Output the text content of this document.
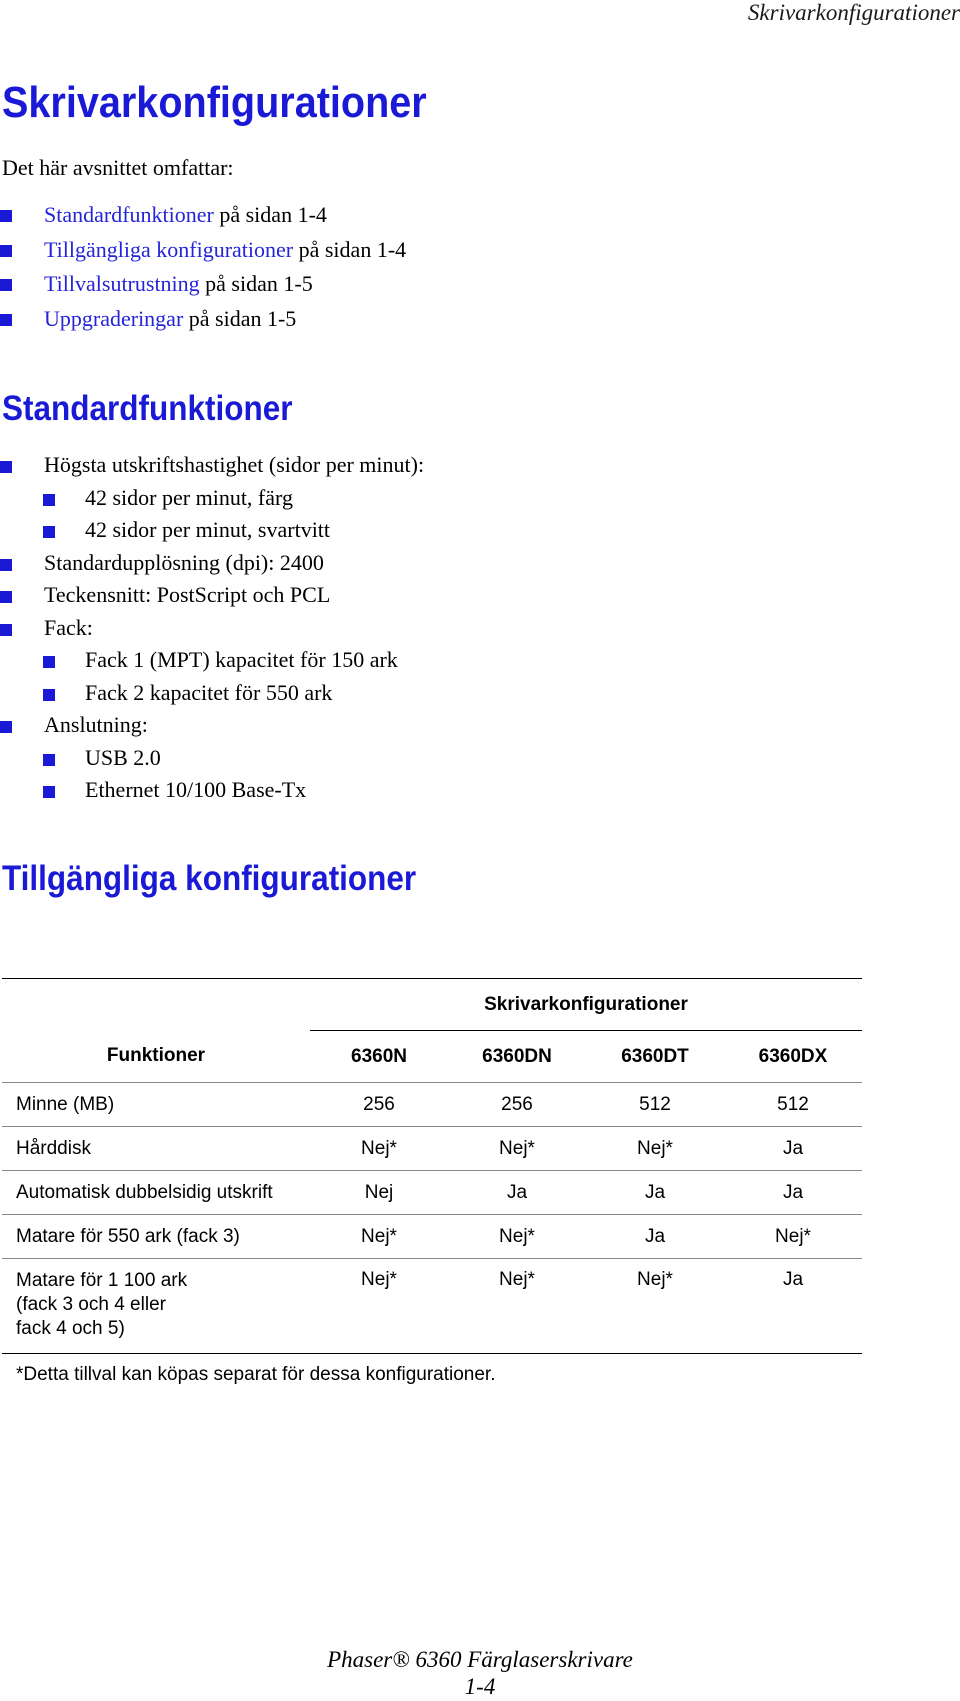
Skrivarkonfigurationer
Skrivarkonfigurationer
Det här avsnittet omfattar:
Standardfunktioner på sidan 1-4
Tillgängliga konfigurationer på sidan 1-4
Tillvalsutrustning på sidan 1-5
Uppgraderingar på sidan 1-5
Standardfunktioner
Högsta utskriftshastighet (sidor per minut):
42 sidor per minut, färg
42 sidor per minut, svartvitt
Standardupplösning (dpi): 2400
Teckensnitt: PostScript och PCL
Fack:
Fack 1 (MPT) kapacitet för 150 ark
Fack 2 kapacitet för 550 ark
Anslutning:
USB 2.0
Ethernet 10/100 Base-Tx
Tillgängliga konfigurationer
	Skrivarkonfigurationer			
Funktioner	6360N	6360DN	6360DT	6360DX
Minne (MB)	256	256	512	512
Hårddisk	Nej*	Nej*	Nej*	Ja
Automatisk dubbelsidig utskrift	Nej	Ja	Ja	Ja
Matare för 550 ark (fack 3)	Nej*	Nej*	Ja	Nej*
Matare för 1 100 ark
(fack 3 och 4 eller
fack 4 och 5)	Nej*	Nej*	Nej*	Ja
*Detta tillval kan köpas separat för dessa konfigurationer.
Phaser® 6360 Färglaserskrivare
1-4
